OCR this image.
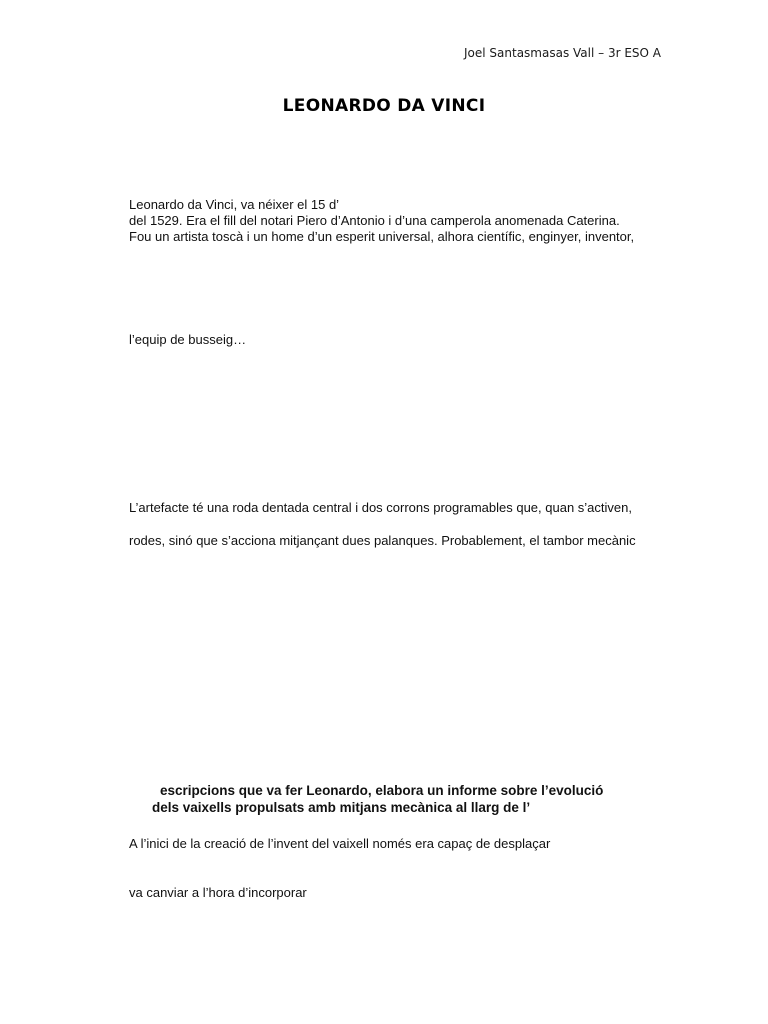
Joel Santasmasas Vall – 3r ESO A
LEONARDO DA VINCI
Leonardo da Vinci, va néixer el 15 d’
del 1529. Era el fill del notari Piero d’Antonio i d’una camperola anomenada Caterina.
Fou un artista toscà i un home d’un esperit universal, alhora científic, enginyer, inventor,
l’equip de busseig…
L’artefacte té una roda dentada central i dos corrons programables que, quan s’activen,
rodes, sinó que s’acciona mitjançant dues palanques. Probablement, el tambor mecànic
escripcions que va fer Leonardo, elabora un informe sobre l’evolució
dels vaixells propulsats amb mitjans mecànica al llarg de l’
A l’inici de la creació de l’invent del vaixell només era capaç de desplaçar
va canviar a l’hora d’incorporar
